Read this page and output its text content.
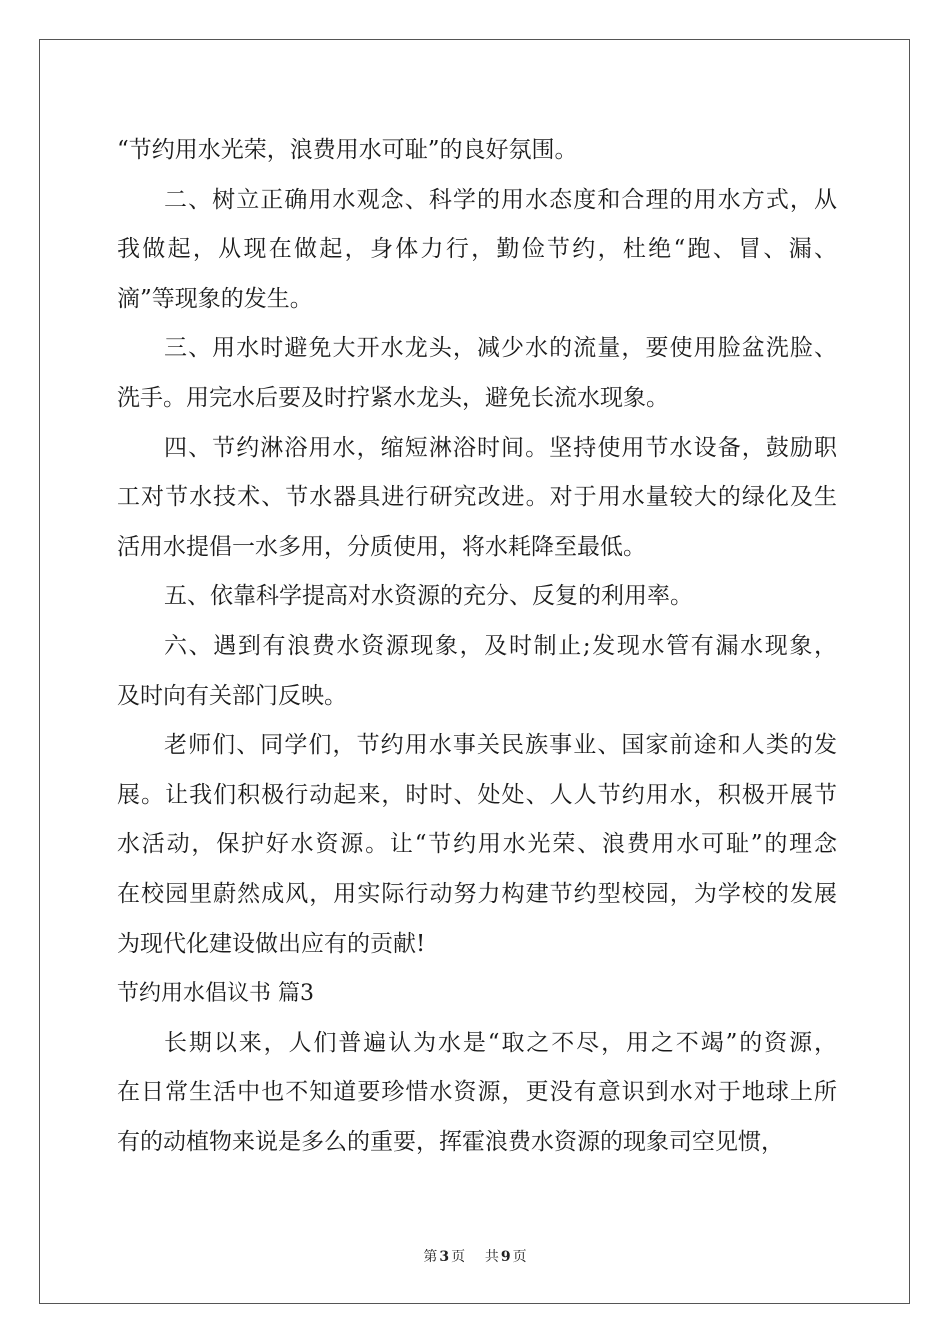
“节约用水光荣，浪费用水可耻”的良好氛围。
二、树立正确用水观念、科学的用水态度和合理的用水方式，从
我做起，从现在做起，身体力行，勤俭节约，杜绝“跑、冒、漏、
滴”等现象的发生。
三、用水时避免大开水龙头，减少水的流量，要使用脸盆洗脸、
洗手。用完水后要及时拧紧水龙头，避免长流水现象。
四、节约淋浴用水，缩短淋浴时间。坚持使用节水设备，鼓励职
工对节水技术、节水器具进行研究改进。对于用水量较大的绿化及生
活用水提倡一水多用，分质使用，将水耗降至最低。
五、依靠科学提高对水资源的充分、反复的利用率。
六、遇到有浪费水资源现象，及时制止;发现水管有漏水现象，
及时向有关部门反映。
老师们、同学们，节约用水事关民族事业、国家前途和人类的发
展。让我们积极行动起来，时时、处处、人人节约用水，积极开展节
水活动，保护好水资源。让“节约用水光荣、浪费用水可耻”的理念
在校园里蔚然成风，用实际行动努力构建节约型校园，为学校的发展
为现代化建设做出应有的贡献!
节约用水倡议书 篇3
长期以来，人们普遍认为水是“取之不尽，用之不竭”的资源，
在日常生活中也不知道要珍惜水资源，更没有意识到水对于地球上所
有的动植物来说是多么的重要，挥霍浪费水资源的现象司空见惯，
第 3 页 共 9 页
